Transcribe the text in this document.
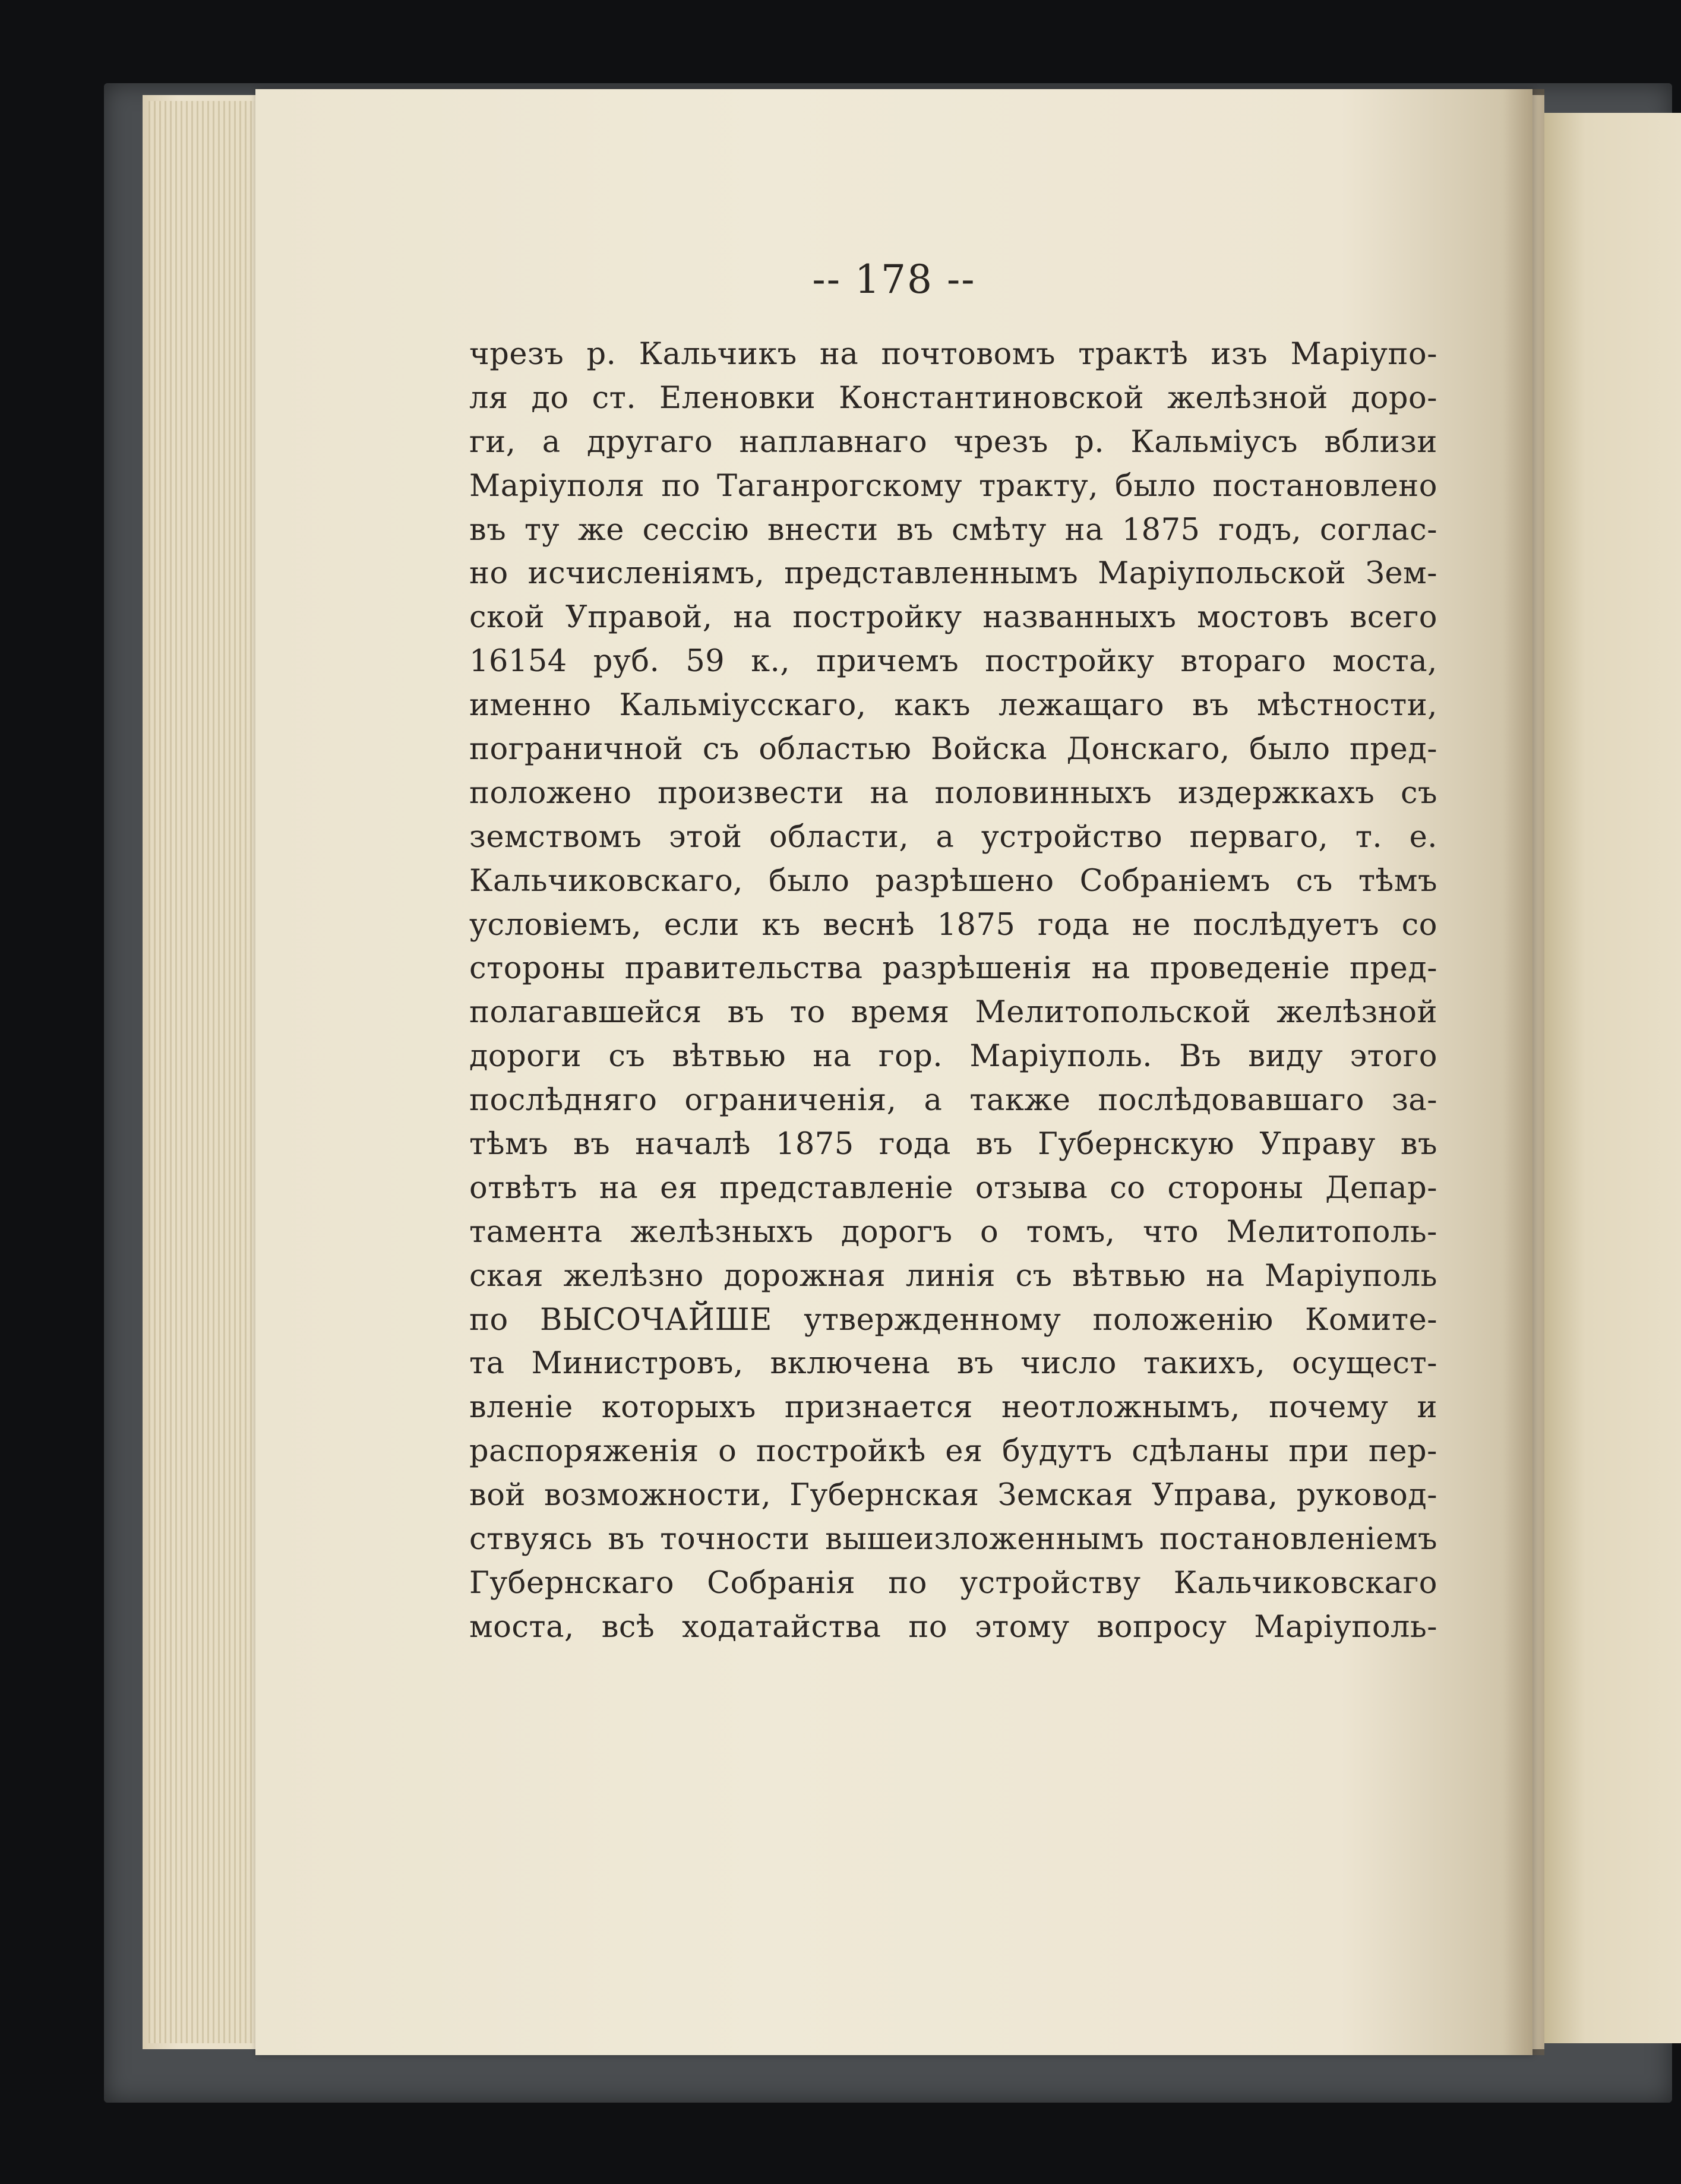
-- 178 --
чрезъ р. Кальчикъ на почтовомъ трактѣ изъ Маріупо-
ля до ст. Еленовки Констaнтиновской желѣзной доро-
ги, а другаго наплавнаго чрезъ р. Кальміусъ вблизи
Маріуполя по Таганрогскому тракту, было постановлено
въ ту же сессію внести въ смѣту на 1875 годъ, соглас-
но исчисленіямъ, представленнымъ Маріупольской Зем-
ской Управой, на постройку названныхъ мостовъ всего
16154 руб. 59 к., причемъ постройку втораго моста,
именно Кальміусскаго, какъ лежащаго въ мѣстности,
пограничной съ областью Войска Донскаго, было пред-
положено произвести на половинныхъ издержкахъ съ
земствомъ этой области, а устройство перваго, т. е.
Кальчиковскаго, было разрѣшено Собраніемъ съ тѣмъ
условіемъ, если къ веснѣ 1875 года не послѣдуетъ со
стороны правительства разрѣшенія на проведеніе пред-
полагавшейся въ то время Мелитопольской желѣзной
дороги съ вѣтвью на гор. Маріуполь. Въ виду этого
послѣдняго ограниченія, а также послѣдовавшаго за-
тѣмъ въ началѣ 1875 года въ Губернскую Управу въ
отвѣтъ на ея представленіе отзыва со стороны Депар-
тамента желѣзныхъ дорогъ о томъ, что Мелитополь-
ская желѣзно дорожная линія съ вѣтвью на Маріуполь
по ВЫСОЧАЙШЕ утвержденному положенію Комите-
та Министровъ, включена въ число такихъ, осущест-
вленіе которыхъ признается неотложнымъ, почему и
распоряженія о постройкѣ ея будутъ сдѣланы при пер-
вой возможности, Губернская Земская Управа, руковод-
ствуясь въ точности вышеизложеннымъ постановленіемъ
Губернскаго Собранія по устройству Кальчиковскаго
моста, всѣ ходатайства по этому вопросу Маріуполь-
